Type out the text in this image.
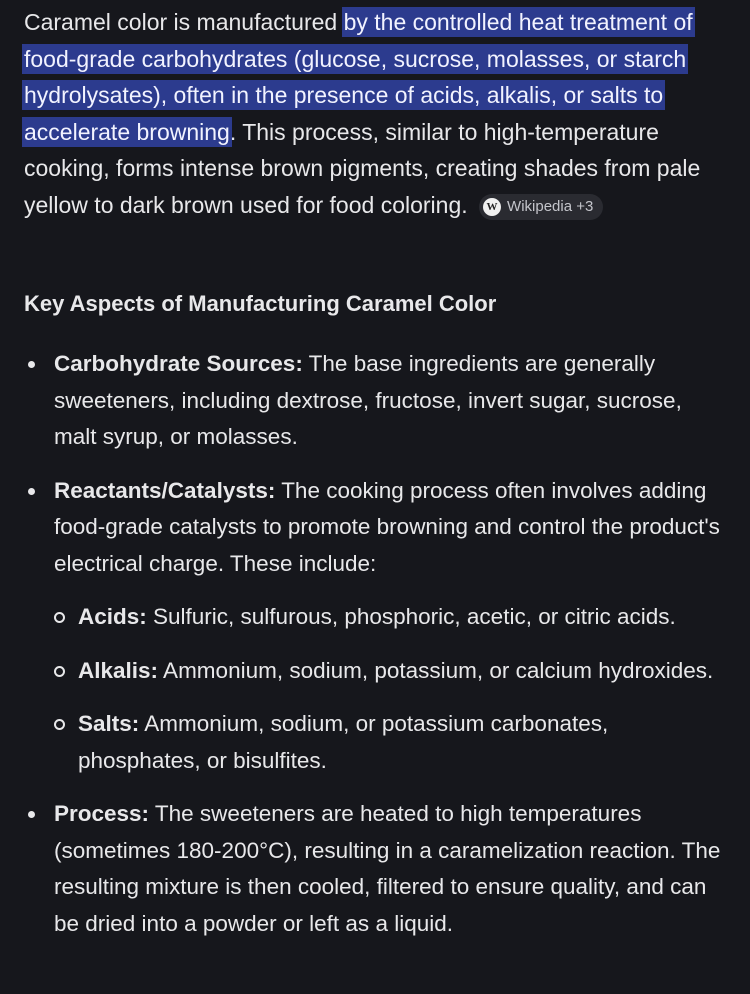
Caramel color is manufactured by the controlled heat treatment of food-grade carbohydrates (glucose, sucrose, molasses, or starch hydrolysates), often in the presence of acids, alkalis, or salts to accelerate browning. This process, similar to high-temperature cooking, forms intense brown pigments, creating shades from pale yellow to dark brown used for food coloring.	W Wikipedia +3

Key Aspects of Manufacturing Caramel Color
Carbohydrate Sources: The base ingredients are generally sweeteners, including dextrose, fructose, invert sugar, sucrose, malt syrup, or molasses.
Reactants/Catalysts: The cooking process often involves adding food-grade catalysts to promote browning and control the product's electrical charge. These include:
Acids: Sulfuric, sulfurous, phosphoric, acetic, or citric acids.
Alkalis: Ammonium, sodium, potassium, or calcium hydroxides.
Salts: Ammonium, sodium, or potassium carbonates, phosphates, or bisulfites.
Process: The sweeteners are heated to high temperatures (sometimes 180-200°C), resulting in a caramelization reaction. The resulting mixture is then cooled, filtered to ensure quality, and can be dried into a powder or left as a liquid.
